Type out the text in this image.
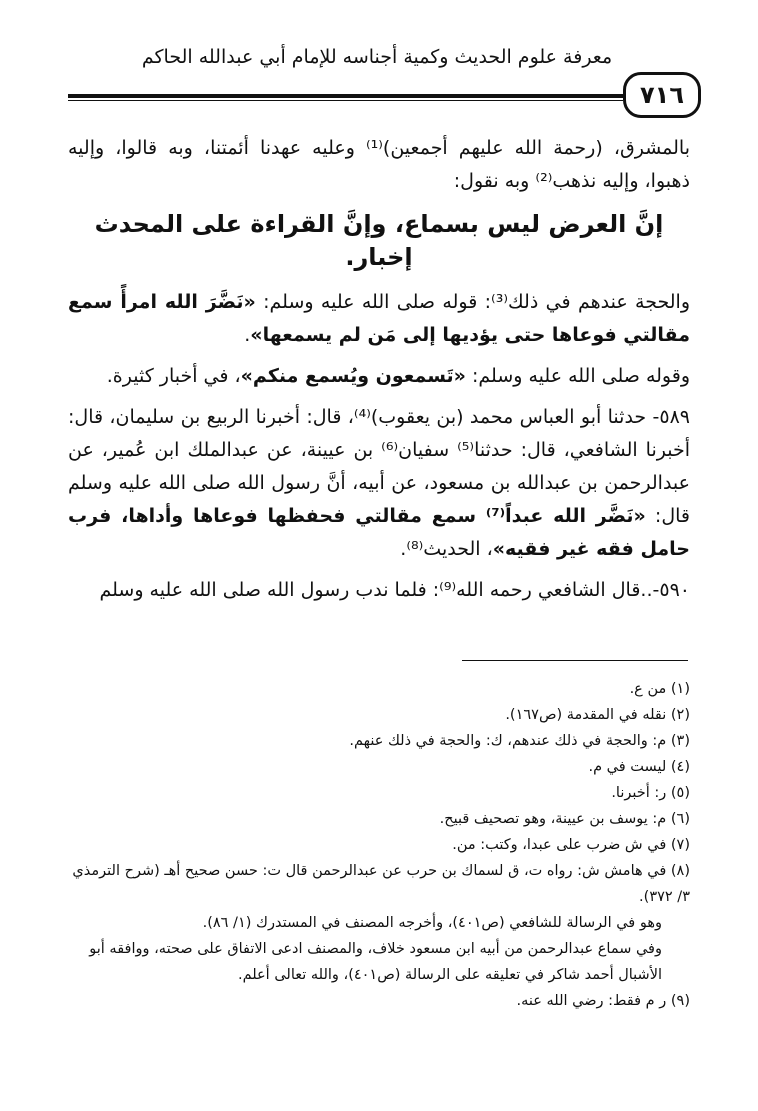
معرفة علوم الحديث وكمية أجناسه للإمام أبي عبدالله الحاكم
٧١٦

بالمشرق، (رحمة الله عليهم أجمعين)⁽¹⁾ وعليه عهدنا أئمتنا، وبه قالوا، وإليه ذهبوا، وإليه نذهب⁽²⁾ وبه نقول:

إنَّ العرض ليس بسماع، وإنَّ القراءة على المحدث إخبار.

والحجة عندهم في ذلك⁽³⁾: قوله صلى الله عليه وسلم: «نَضَّرَ الله امرأً سمع مقالتي فوعاها حتى يؤديها إلى مَن لم يسمعها».

وقوله صلى الله عليه وسلم: «تَسمعون ويُسمع منكم»، في أخبار كثيرة.

٥٨٩- حدثنا أبو العباس محمد (بن يعقوب)⁽⁴⁾، قال: أخبرنا الربيع بن سليمان، قال: أخبرنا الشافعي، قال: حدثنا⁽⁵⁾ سفيان⁽⁶⁾ بن عيينة، عن عبدالملك ابن عُمير، عن عبدالرحمن بن عبدالله بن مسعود، عن أبيه، أنَّ رسول الله صلى الله عليه وسلم قال: «نَضَّر الله عبداً⁽⁷⁾ سمع مقالتي فحفظها فوعاها وأداها، فرب حامل فقه غير فقيه»، الحديث⁽⁸⁾.

٥٩٠-..قال الشافعي رحمه الله⁽⁹⁾: فلما ندب رسول الله صلى الله عليه وسلم

(١) من ع.

(٢) نقله في المقدمة (ص١٦٧).

(٣) م: والحجة في ذلك عندهم، ك: والحجة في ذلك عنهم.

(٤) ليست في م.

(٥) ر: أخبرنا.

(٦) م: يوسف بن عيينة، وهو تصحيف قبيح.

(٧) في ش ضرب على عبدا، وكتب: من.

(٨) في هامش ش: رواه ت، ق لسماك بن حرب عن عبدالرحمن قال ت: حسن صحيح أهـ (شرح الترمذي ٣/ ٣٧٢).

وهو في الرسالة للشافعي (ص٤٠١)، وأخرجه المصنف في المستدرك (١/ ٨٦).

وفي سماع عبدالرحمن من أبيه ابن مسعود خلاف، والمصنف ادعى الاتفاق على صحته، ووافقه أبو الأشبال أحمد شاكر في تعليقه على الرسالة (ص٤٠١)، والله تعالى أعلم.

(٩) ر م فقط: رضي الله عنه.
